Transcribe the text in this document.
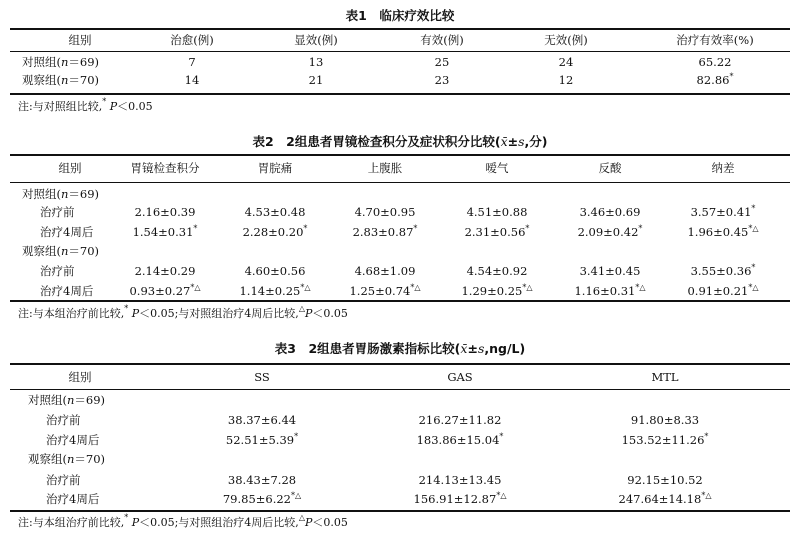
表1　临床疗效比较
组别	治愈(例)	显效(例)	有效(例)	无效(例)	治疗有效率(%)
对照组(n＝69)	7	13	25	24	65.22
观察组(n＝70)	14	21	23	12	82.86*
注:与对照组比较,* P＜0.05
表2　2组患者胃镜检查积分及症状积分比较(x̄±s,分)
组别	胃镜检查积分	胃脘痛	上腹胀	嗳气	反酸	纳差
对照组(n＝69)
治疗前	2.16±0.39	4.53±0.48	4.70±0.95	4.51±0.88	3.46±0.69	3.57±0.41*
治疗4周后	1.54±0.31*	2.28±0.20*	2.83±0.87*	2.31±0.56*	2.09±0.42*	1.96±0.45*△
观察组(n＝70)
治疗前	2.14±0.29	4.60±0.56	4.68±1.09	4.54±0.92	3.41±0.45	3.55±0.36*
治疗4周后	0.93±0.27*△	1.14±0.25*△	1.25±0.74*△	1.29±0.25*△	1.16±0.31*△	0.91±0.21*△
注:与本组治疗前比较,* P＜0.05;与对照组治疗4周后比较,△P＜0.05
表3　2组患者胃肠激素指标比较(x̄±s,ng/L)
组别	SS	GAS	MTL
对照组(n＝69)
治疗前	38.37±6.44	216.27±11.82	91.80±8.33
治疗4周后	52.51±5.39*	183.86±15.04*	153.52±11.26*
观察组(n＝70)
治疗前	38.43±7.28	214.13±13.45	92.15±10.52
治疗4周后	79.85±6.22*△	156.91±12.87*△	247.64±14.18*△
注:与本组治疗前比较,* P＜0.05;与对照组治疗4周后比较,△P＜0.05
